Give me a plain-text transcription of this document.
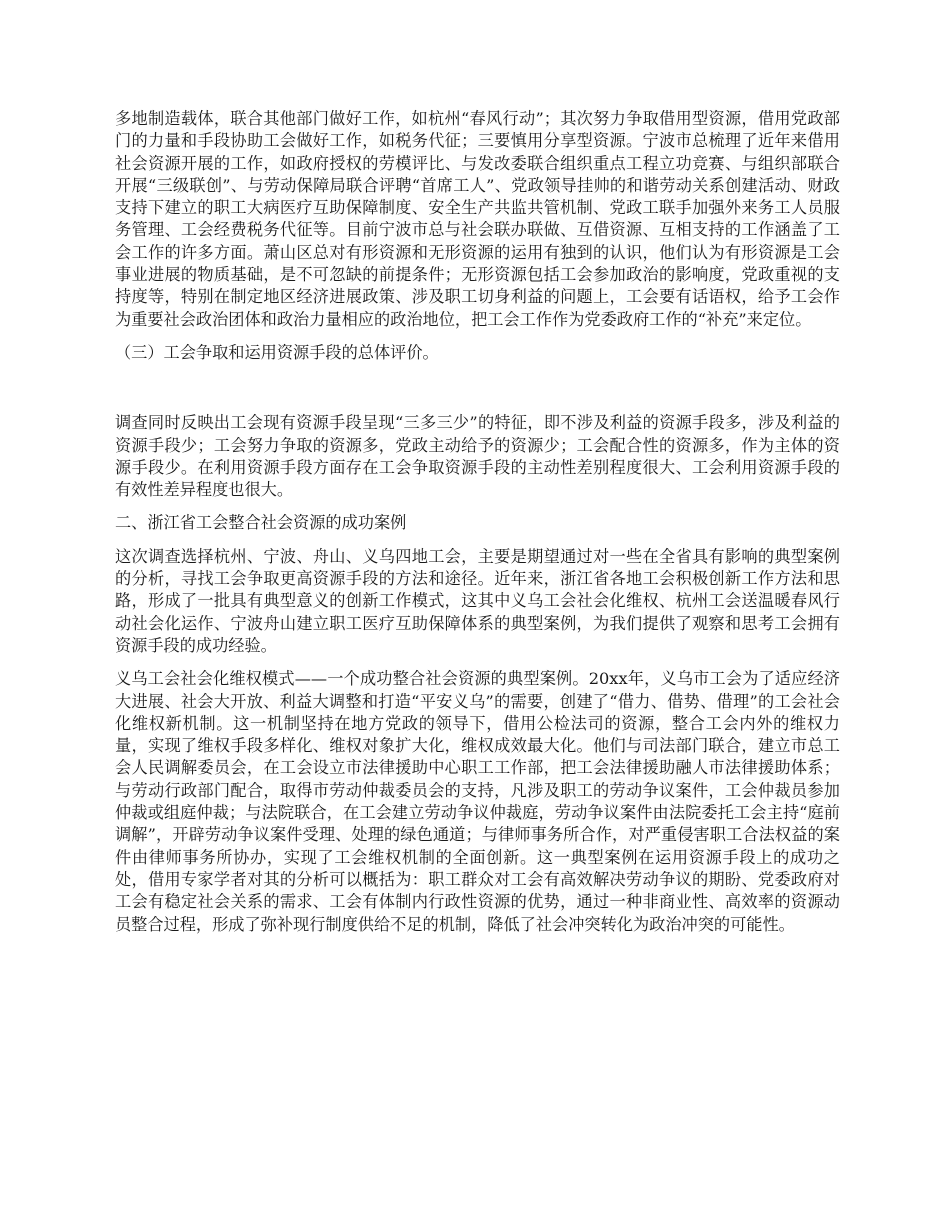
多地制造载体，联合其他部门做好工作，如杭州“春风行动”；其次努力争取借用型资源，借用党政部门的力量和手段协助工会做好工作，如税务代征；三要慎用分享型资源。宁波市总梳理了近年来借用社会资源开展的工作，如政府授权的劳模评比、与发改委联合组织重点工程立功竞赛、与组织部联合开展“三级联创”、与劳动保障局联合评聘“首席工人”、党政领导挂帅的和谐劳动关系创建活动、财政支持下建立的职工大病医疗互助保障制度、安全生产共监共管机制、党政工联手加强外来务工人员服务管理、工会经费税务代征等。目前宁波市总与社会联办联做、互借资源、互相支持的工作涵盖了工会工作的许多方面。萧山区总对有形资源和无形资源的运用有独到的认识，他们认为有形资源是工会事业进展的物质基础，是不可忽缺的前提条件；无形资源包括工会参加政治的影响度，党政重视的支持度等，特别在制定地区经济进展政策、涉及职工切身利益的问题上，工会要有话语权，给予工会作为重要社会政治团体和政治力量相应的政治地位，把工会工作作为党委政府工作的“补充”来定位。

（三）工会争取和运用资源手段的总体评价。

调查同时反映出工会现有资源手段呈现“三多三少”的特征，即不涉及利益的资源手段多，涉及利益的资源手段少；工会努力争取的资源多，党政主动给予的资源少；工会配合性的资源多，作为主体的资源手段少。在利用资源手段方面存在工会争取资源手段的主动性差别程度很大、工会利用资源手段的有效性差异程度也很大。

二、浙江省工会整合社会资源的成功案例

这次调查选择杭州、宁波、舟山、义乌四地工会，主要是期望通过对一些在全省具有影响的典型案例的分析，寻找工会争取更高资源手段的方法和途径。近年来，浙江省各地工会积极创新工作方法和思路，形成了一批具有典型意义的创新工作模式，这其中义乌工会社会化维权、杭州工会送温暖春风行动社会化运作、宁波舟山建立职工医疗互助保障体系的典型案例，为我们提供了观察和思考工会拥有资源手段的成功经验。

义乌工会社会化维权模式——一个成功整合社会资源的典型案例。20xx年，义乌市工会为了适应经济大进展、社会大开放、利益大调整和打造“平安义乌”的需要，创建了“借力、借势、借理”的工会社会化维权新机制。这一机制坚持在地方党政的领导下，借用公检法司的资源，整合工会内外的维权力量，实现了维权手段多样化、维权对象扩大化，维权成效最大化。他们与司法部门联合，建立市总工会人民调解委员会，在工会设立市法律援助中心职工工作部，把工会法律援助融人市法律援助体系；与劳动行政部门配合，取得市劳动仲裁委员会的支持，凡涉及职工的劳动争议案件，工会仲裁员参加仲裁或组庭仲裁；与法院联合，在工会建立劳动争议仲裁庭，劳动争议案件由法院委托工会主持“庭前调解”，开辟劳动争议案件受理、处理的绿色通道；与律师事务所合作，对严重侵害职工合法权益的案件由律师事务所协办，实现了工会维权机制的全面创新。这一典型案例在运用资源手段上的成功之处，借用专家学者对其的分析可以概括为：职工群众对工会有高效解决劳动争议的期盼、党委政府对工会有稳定社会关系的需求、工会有体制内行政性资源的优势，通过一种非商业性、高效率的资源动员整合过程，形成了弥补现行制度供给不足的机制，降低了社会冲突转化为政治冲突的可能性。
